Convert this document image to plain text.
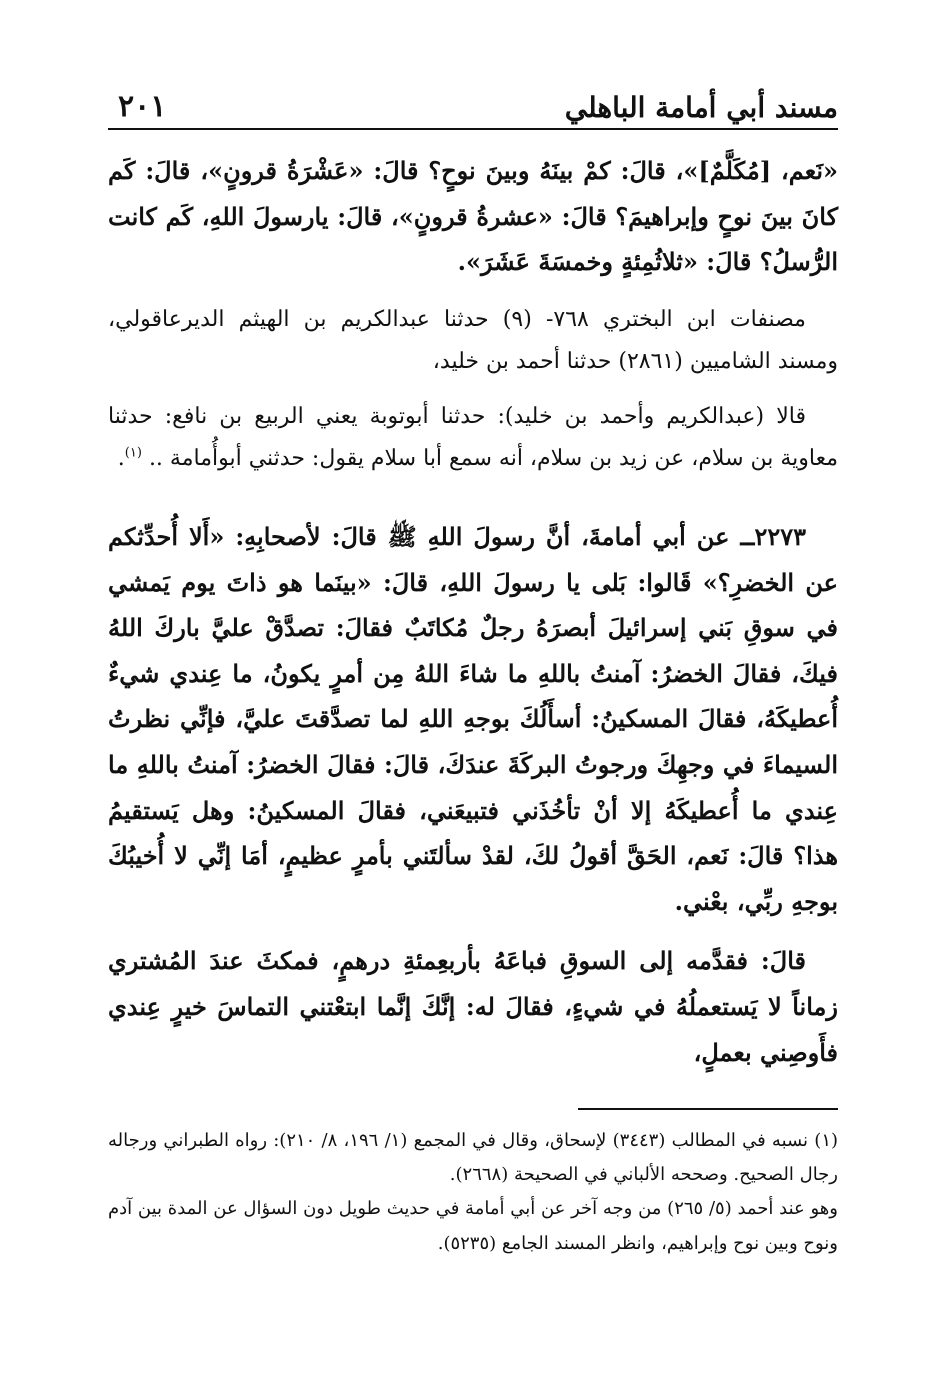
مسند أبي أمامة الباهلي
٢٠١

«نَعم، [مُكَلَّمٌ]»، قالَ: كمْ بينَهُ وبينَ نوحٍ؟ قالَ: «عَشْرَةُ قرونٍ»، قالَ: كَم كانَ بينَ نوحٍ وإبراهيمَ؟ قالَ: «عشرةُ قرونٍ»، قالَ: يارسولَ اللهِ، كَم كانت الرُّسلُ؟ قالَ: «ثلاثُمِئةٍ وخمسَةَ عَشَرَ».

مصنفات ابن البختري ٧٦٨- (٩) حدثنا عبدالكريم بن الهيثم الديرعاقولي، ومسند الشاميين (٢٨٦١) حدثنا أحمد بن خليد،

قالا (عبدالكريم وأحمد بن خليد): حدثنا أبوتوبة يعني الربيع بن نافع: حدثنا معاوية بن سلام، عن زيد بن سلام، أنه سمع أبا سلام يقول: حدثني أبوأُمامة .. $^{(١)}$.

٢٢٧٣ــ عن أبي أمامةَ، أنَّ رسولَ اللهِ ﷺ قالَ: لأصحابِهِ: «أَلا أُحدِّثكم عن الخضرِ؟» قَالوا: بَلى يا رسولَ اللهِ، قالَ: «بينَما هو ذاتَ يوم يَمشي في سوقِ بَني إسرائيلَ أبصرَهُ رجلٌ مُكاتَبٌ فقالَ: تصدَّقْ عليَّ باركَ اللهُ فيكَ، فقالَ الخضرُ: آمنتُ باللهِ ما شاءَ اللهُ مِن أمرٍ يكونُ، ما عِندي شيءٌ أُعطيكَهُ، فقالَ المسكينُ: أسأَلُكَ بوجهِ اللهِ لما تصدَّقتَ عليَّ، فإنِّي نظرتُ السيماءَ في وجهِكَ ورجوتُ البركَةَ عندَكَ، قالَ: فقالَ الخضرُ: آمنتُ باللهِ ما عِندي ما أُعطيكَهُ إلا أنْ تأخُذَني فتبيعَني، فقالَ المسكينُ: وهل يَستقيمُ هذا؟ قالَ: نَعم، الحَقَّ أقولُ لكَ، لقدْ سألتَني بأمرٍ عظيمٍ، أمَا إنِّي لا أُخيبُكَ بوجهِ ربِّي، بعْني.

قالَ: فقدَّمه إلى السوقِ فباعَهُ بأربعِمئةِ درهمٍ، فمكثَ عندَ المُشتري زماناً لا يَستعملُهُ في شيءٍ، فقالَ له: إنَّكَ إنَّما ابتعْتني التماسَ خيرٍ عِندي فأَوصِني بعملٍ،

(١) نسبه في المطالب (٣٤٤٣) لإسحاق، وقال في المجمع (١/ ١٩٦، ٨/ ٢١٠): رواه الطبراني ورجاله رجال الصحيح. وصححه الألباني في الصحيحة (٢٦٦٨).

وهو عند أحمد (٥/ ٢٦٥) من وجه آخر عن أبي أمامة في حديث طويل دون السؤال عن المدة بين آدم ونوح وبين نوح وإبراهيم، وانظر المسند الجامع (٥٢٣٥).
